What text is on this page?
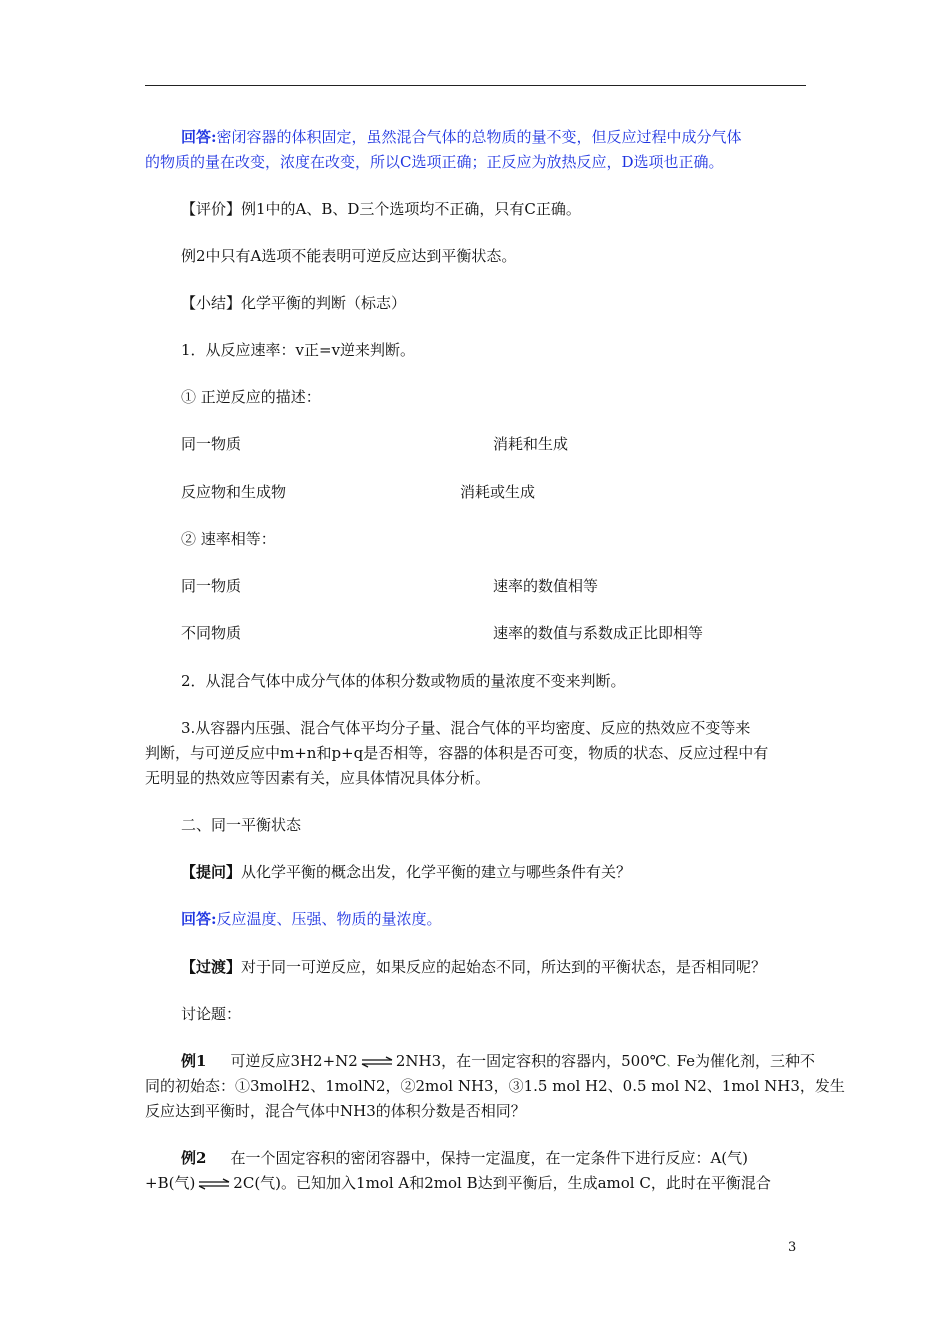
回答:密闭容器的体积固定，虽然混合气体的总物质的量不变，但反应过程中成分气体
的物质的量在改变，浓度在改变，所以C选项正确；正反应为放热反应，D选项也正确。
【评价】例1中的A、B、D三个选项均不正确，只有C正确。
例2中只有A选项不能表明可逆反应达到平衡状态。
【小结】化学平衡的判断（标志）
1．从反应速率：v正=v逆来判断。
① 正逆反应的描述：
同一物质	消耗和生成
反应物和生成物	消耗或生成
② 速率相等：
同一物质	速率的数值相等
不同物质	速率的数值与系数成正比即相等
2．从混合气体中成分气体的体积分数或物质的量浓度不变来判断。
3.从容器内压强、混合气体平均分子量、混合气体的平均密度、反应的热效应不变等来
判断，与可逆反应中m+n和p+q是否相等，容器的体积是否可变，物质的状态、反应过程中有
无明显的热效应等因素有关，应具体情况具体分析。
二、同一平衡状态
【提问】从化学平衡的概念出发，化学平衡的建立与哪些条件有关？
回答:反应温度、压强、物质的量浓度。
【过渡】对于同一可逆反应，如果反应的起始态不同，所达到的平衡状态，是否相同呢？
讨论题：
例1 可逆反应3H2+N2 ⇌ 2NH3，在一固定容积的容器内，500℃、Fe为催化剂，三种不
同的初始态：①3molH2、1molN2，②2mol NH3，③1.5 mol H2、0.5 mol N2、1mol NH3，发生
反应达到平衡时，混合气体中NH3的体积分数是否相同？
例2 在一个固定容积的密闭容器中，保持一定温度，在一定条件下进行反应：A(气)
+B(气) ⇌ 2C(气)。已知加入1mol A和2mol B达到平衡后，生成amol C，此时在平衡混合
3
